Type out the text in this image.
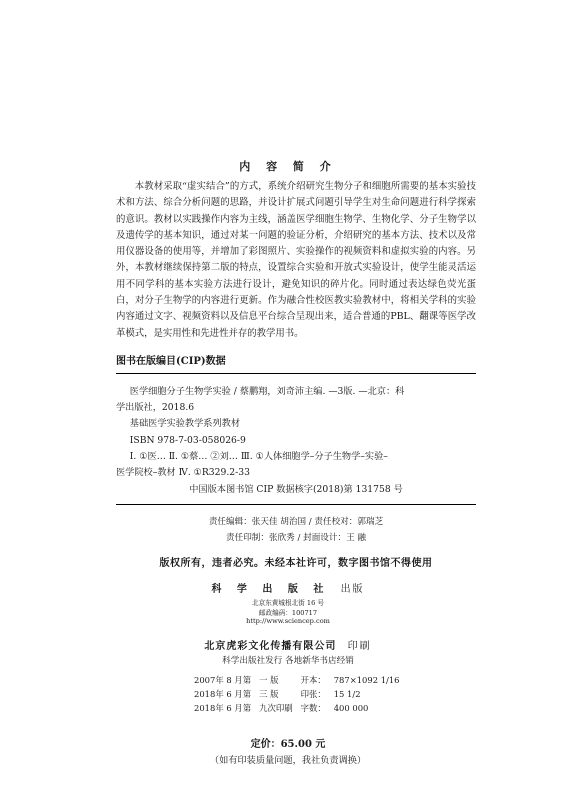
内 容 简 介

本教材采取“虚实结合”的方式，系统介绍研究生物分子和细胞所需要的基本实验技术和方法、综合分析问题的思路，并设计扩展式问题引导学生对生命问题进行科学探索的意识。教材以实践操作内容为主线，涵盖医学细胞生物学、生物化学、分子生物学以及遗传学的基本知识，通过对某一问题的验证分析，介绍研究的基本方法、技术以及常用仪器设备的使用等，并增加了彩图照片、实验操作的视频资料和虚拟实验的内容。另外，本教材继续保持第二版的特点，设置综合实验和开放式实验设计，使学生能灵活运用不同学科的基本实验方法进行设计，避免知识的碎片化。同时通过表达绿色荧光蛋白，对分子生物学的内容进行更新。作为融合性校医教实验教材中，将相关学科的实验内容通过文字、视频资料以及信息平台综合呈现出来，适合普通的PBL、翻课等医学改革模式，是实用性和先进性并存的教学用书。

图书在版编目(CIP)数据
医学细胞分子生物学实验 / 蔡鹏翔，刘奇沛主编. —3版. —北京：科
学出版社，2018.6
基础医学实验教学系列教材
ISBN 978-7-03-058026-9
Ⅰ. ①医… Ⅱ. ①蔡… ②刘… Ⅲ. ①人体细胞学–分子生物学–实验–
医学院校–教材 Ⅳ. ①R329.2-33
中国版本图书馆 CIP 数据核字(2018)第 131758 号
责任编辑：张天佳 胡治国 / 责任校对：郭瑞芝
责任印制：张欣秀 / 封面设计：王 融
版权所有，违者必究。未经本社许可，数字图书馆不得使用
科 学 出 版 社 出版
北京东黄城根北街 16 号
邮政编码：100717
http://www.sciencep.com
北京虎彩文化传播有限公司 印刷
科学出版社发行 各地新华书店经销
2007年 8 月第	一 版	开本：	787×1092 1/16
2018年 6 月第	三 版	印张：	15 1/2
2018年 6 月第	九次印刷	字数：	400 000
定价：65.00 元
（如有印装质量问题，我社负责调换）
